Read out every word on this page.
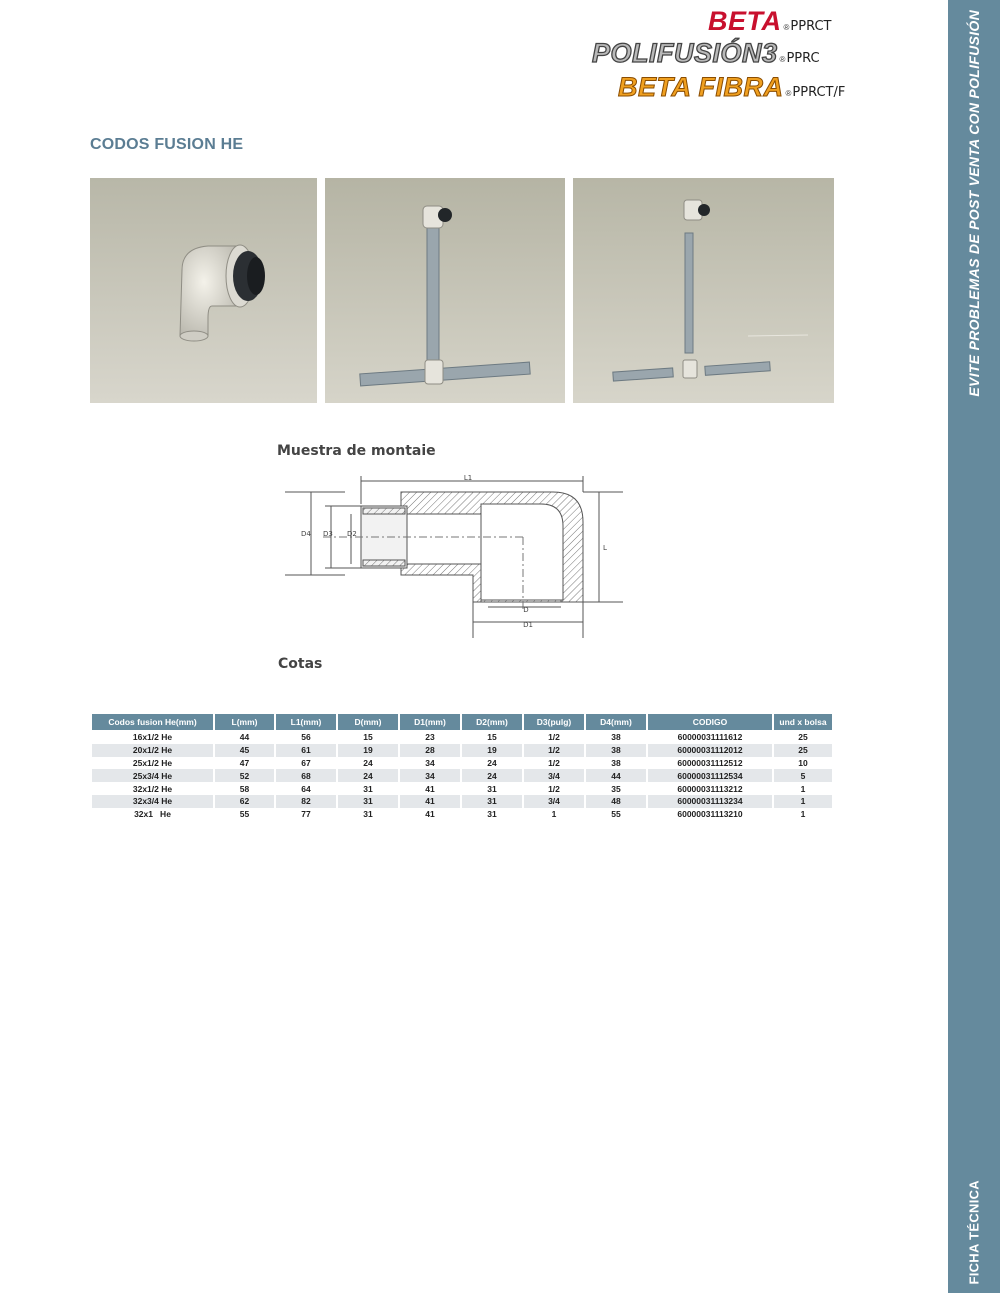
BETA ®PPRCT
POLIFUSIÓN3 ®PPRC
BETA FIBRA ®PPRCT/F	EVITE PROBLEMAS DE POST VENTA CON POLIFUSIÓN
FICHA TÉCNICA
CODOS FUSION HE
Muestra de montaie
L1
L
D4 D3 D2
D
D1
Cotas
Codos fusion He(mm)	L(mm)	L1(mm)	D(mm)	D1(mm)	D2(mm)	D3(pulg)	D4(mm)	CODIGO	und x bolsa
16x1/2 He	44	56	15	23	15	1/2	38	60000031111612	25
20x1/2 He	45	61	19	28	19	1/2	38	60000031112012	25
25x1/2 He	47	67	24	34	24	1/2	38	60000031112512	10
25x3/4 He	52	68	24	34	24	3/4	44	60000031112534	5
32x1/2 He	58	64	31	41	31	1/2	35	60000031113212	1
32x3/4 He	62	82	31	41	31	3/4	48	60000031113234	1
32x1   He	55	77	31	41	31	1	55	60000031113210	1
